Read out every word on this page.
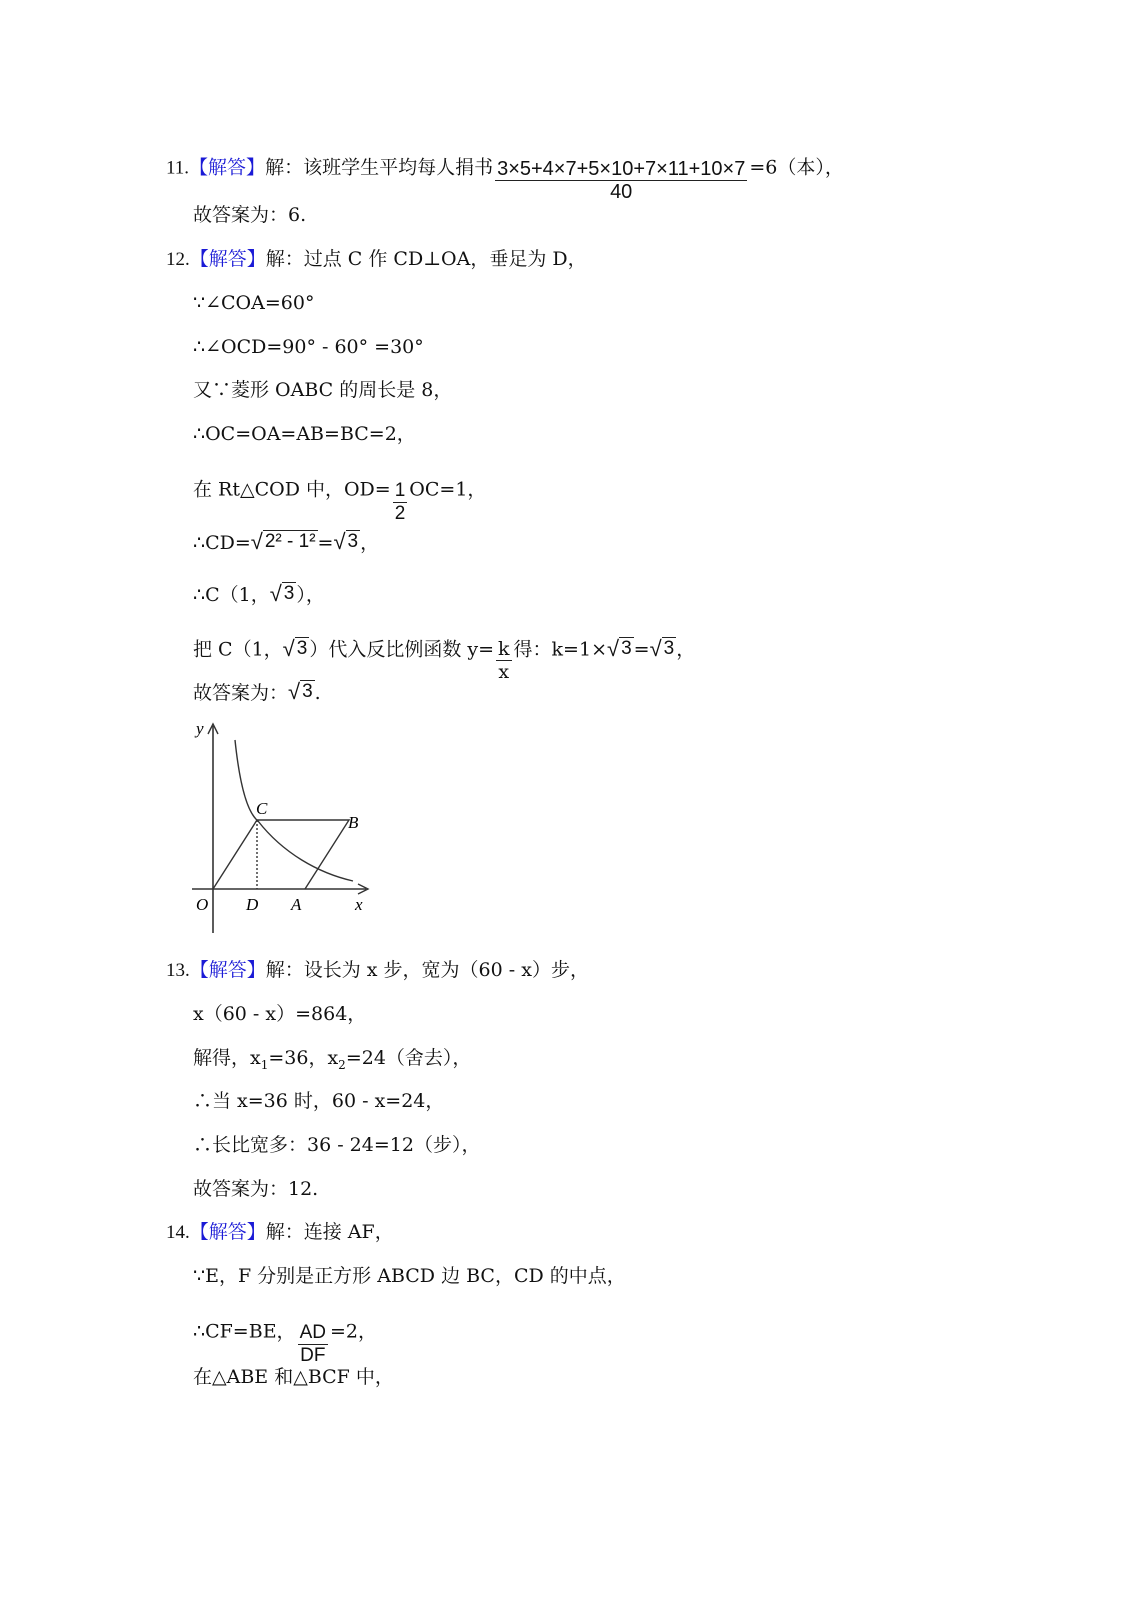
11.【解答】解：该班学生平均每人捐书 $\frac{3\times 5+4\times 7+5\times 10+7\times 11+10\times 7}{40} =6$（本），
故答案为：6.
12.【解答】解：过点 C 作 CD⊥OA，垂足为 D，
∵∠COA=60°
∴∠OCD=90° - 60° =30°
又∵菱形 OABC 的周长是 8，
∴OC=OA=AB=BC=2，
在 Rt△COD 中，$OD= \frac{1}{2} OC=1$，
∴CD= √ 2² - 1² = √ 3 ，
∴C（1， √ 3 ），
把 C（1， √ 3 ）代入反比例函数 $y= \frac{k}{x}$ 得：k=1× √ 3 = √ 3 ，
故答案为： √ 3 .
y
x
O D A
C
B
13.【解答】解：设长为 x 步，宽为（60 - x）步，
x（60 - x）=864，
解得，$x_1=36$，$x_2=24$（舍去），
∴当 x=36 时，60 - x=24，
∴长比宽多：36 - 24=12（步），
故答案为：12.
14.【解答】解：连接 AF，
∵E，F 分别是正方形 ABCD 边 BC，CD 的中点，
∴CF=BE， $\frac{AD}{DF} =2$，
在△ABE 和△BCF 中，
